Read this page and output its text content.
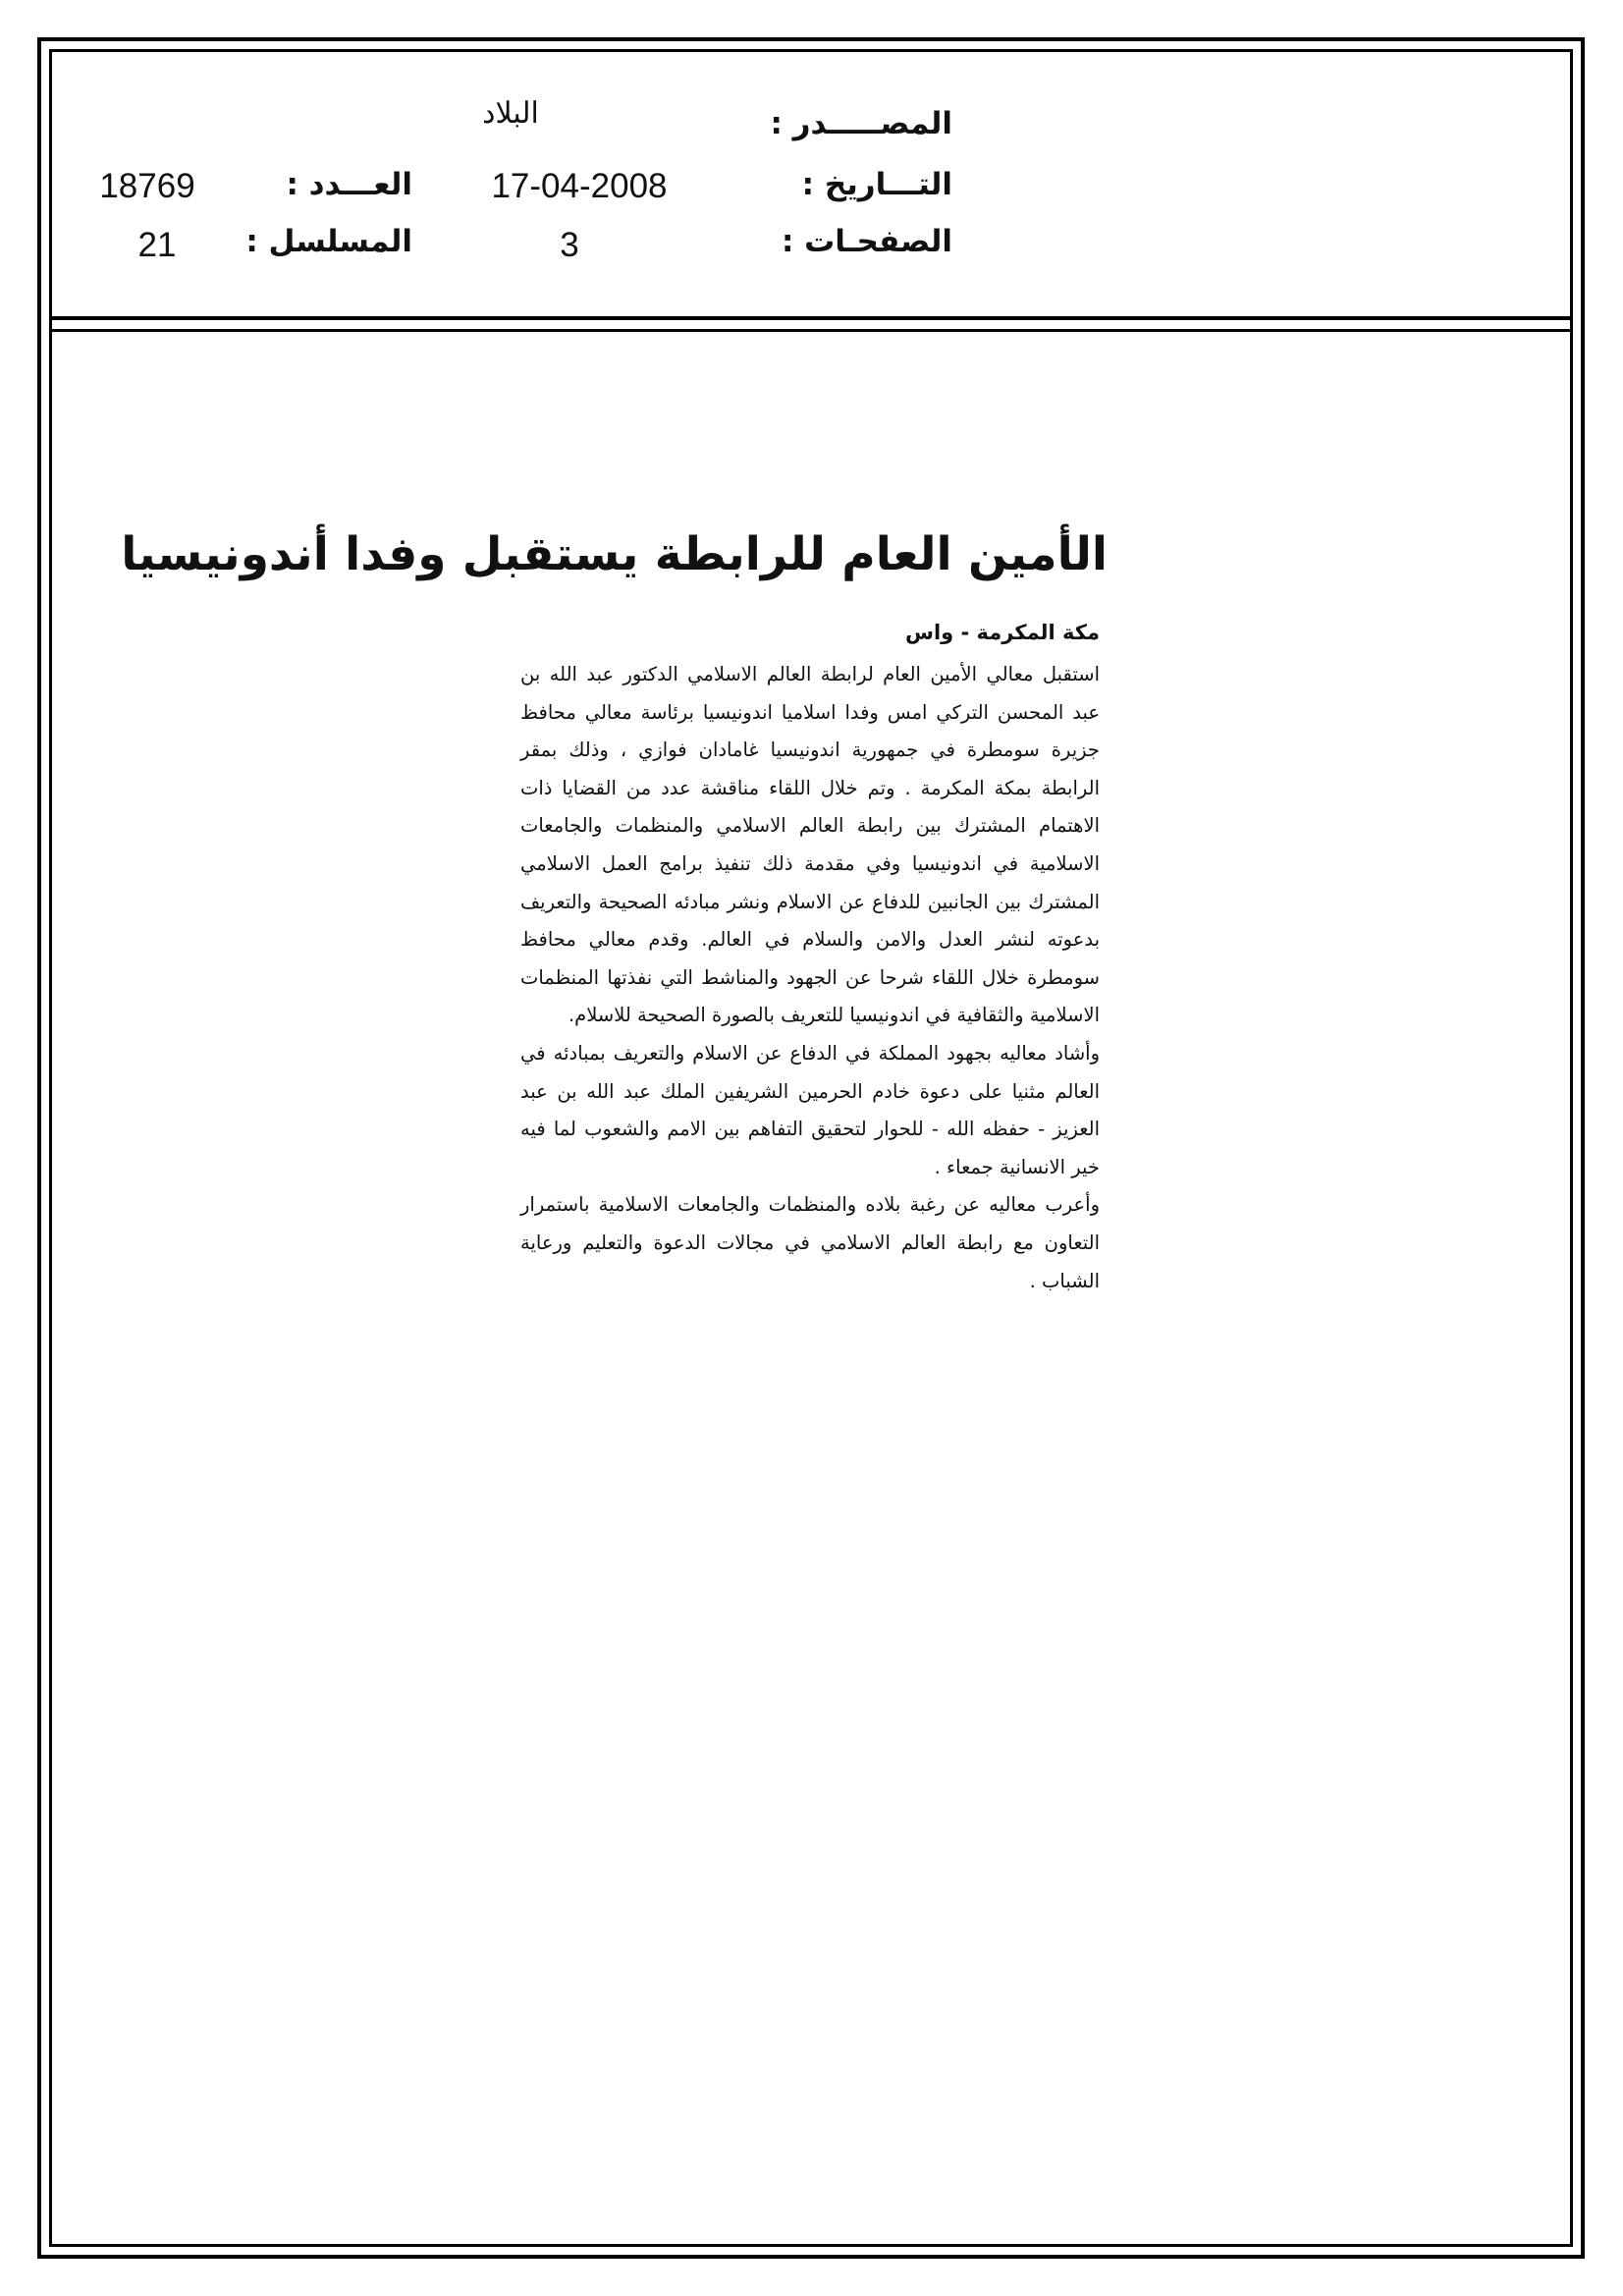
المصـــــدر :
البلاد
التـــاريخ :
17-04-2008
العـــدد :
18769
الصفحـات :
3
المسلسل :
21
الأمين العام للرابطة يستقبل وفدا أندونيسيا
مكة المكرمة - واس

استقبل معالي الأمين العام لرابطة العالم الاسلامي الدكتور عبد الله بن عبد المحسن التركي امس وفدا اسلاميا اندونيسيا برئاسة معالي محافظ جزيرة سومطرة في جمهورية اندونيسيا غامادان فوازي ، وذلك بمقر الرابطة بمكة المكرمة . وتم خلال اللقاء مناقشة عدد من القضايا ذات الاهتمام المشترك بين رابطة العالم الاسلامي والمنظمات والجامعات الاسلامية في اندونيسيا وفي مقدمة ذلك تنفيذ برامج العمل الاسلامي المشترك بين الجانبين للدفاع عن الاسلام ونشر مبادئه الصحيحة والتعريف بدعوته لنشر العدل والامن والسلام في العالم. وقدم معالي محافظ سومطرة خلال اللقاء شرحا عن الجهود والمناشط التي نفذتها المنظمات الاسلامية والثقافية في اندونيسيا للتعريف بالصورة الصحيحة للاسلام.

وأشاد معاليه بجهود المملكة في الدفاع عن الاسلام والتعريف بمبادئه في العالم مثنيا على دعوة خادم الحرمين الشريفين الملك عبد الله بن عبد العزيز - حفظه الله - للحوار لتحقيق التفاهم بين الامم والشعوب لما فيه خير الانسانية جمعاء .

وأعرب معاليه عن رغبة بلاده والمنظمات والجامعات الاسلامية باستمرار التعاون مع رابطة العالم الاسلامي في مجالات الدعوة والتعليم ورعاية الشباب .
